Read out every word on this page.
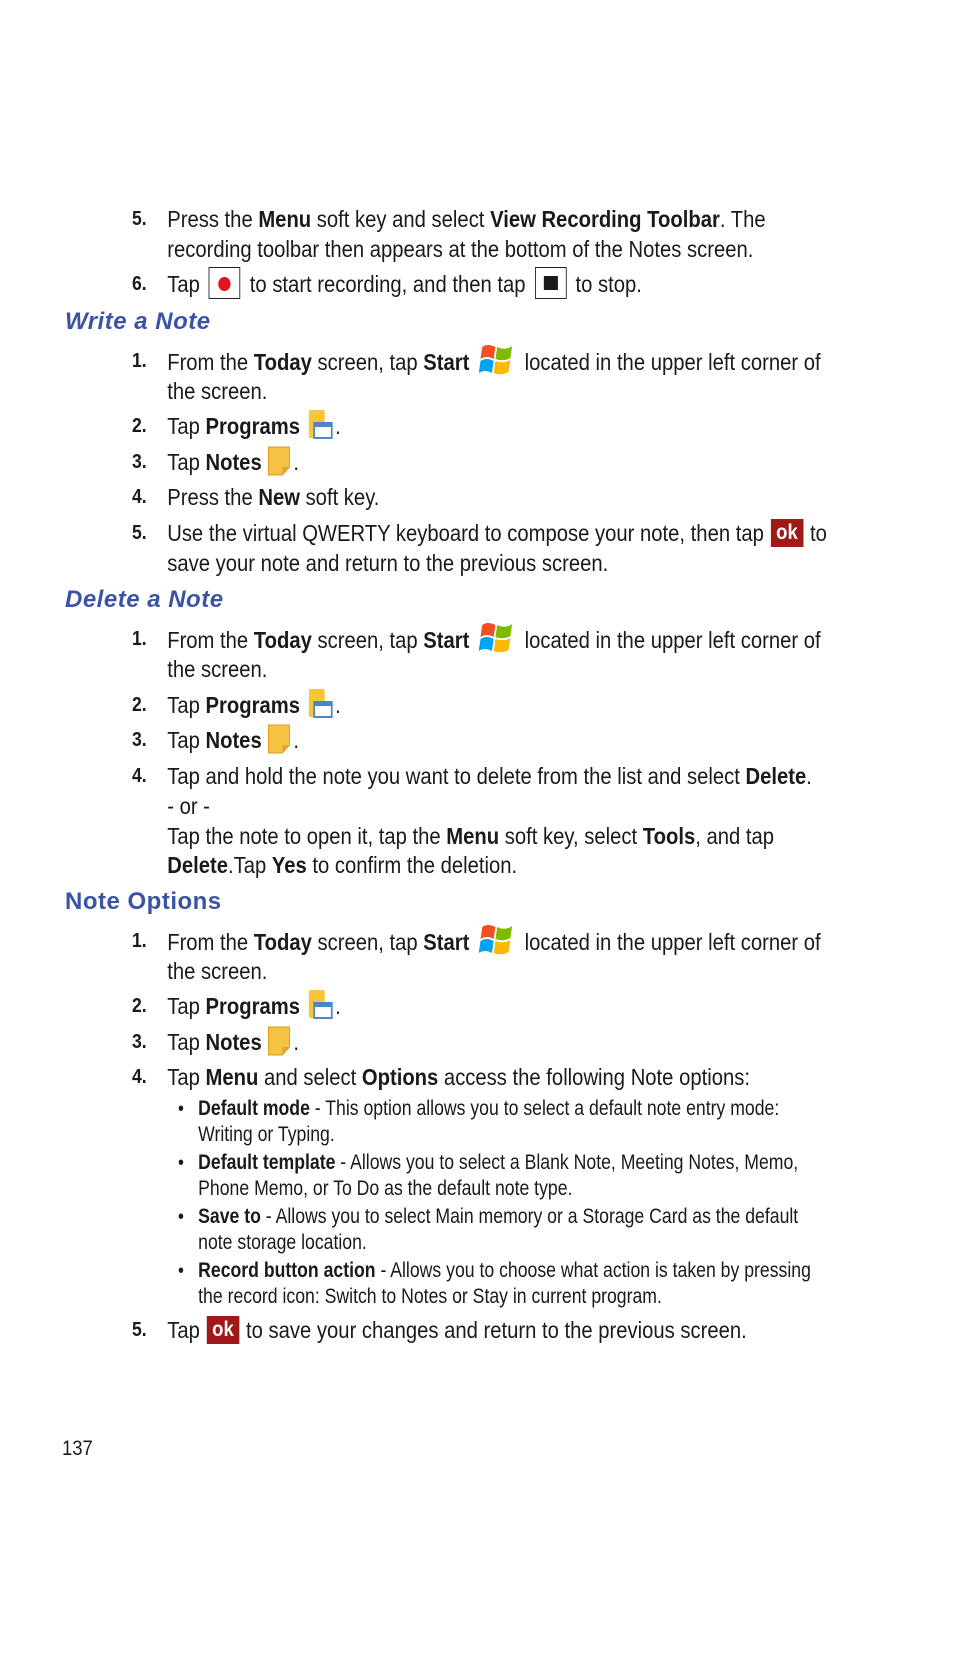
5. Press the Menu soft key and select View Recording Toolbar. The
recording toolbar then appears at the bottom of the Notes screen.
6. Tap to start recording, and then tap to stop.
Write a Note
1. From the Today screen, tap Start located in the upper left corner of
the screen.
2. Tap Programs .
3. Tap Notes .
4. Press the New soft key.
5. Use the virtual QWERTY keyboard to compose your note, then tap ok to
save your note and return to the previous screen.
Delete a Note
1. From the Today screen, tap Start located in the upper left corner of
the screen.
2. Tap Programs .
3. Tap Notes .
4. Tap and hold the note you want to delete from the list and select Delete.
- or -
Tap the note to open it, tap the Menu soft key, select Tools, and tap
Delete.Tap Yes to confirm the deletion.
Note Options
1. From the Today screen, tap Start located in the upper left corner of
the screen.
2. Tap Programs .
3. Tap Notes .
4. Tap Menu and select Options access the following Note options:
• Default mode - This option allows you to select a default note entry mode:
Writing or Typing.
• Default template - Allows you to select a Blank Note, Meeting Notes, Memo,
Phone Memo, or To Do as the default note type.
• Save to - Allows you to select Main memory or a Storage Card as the default
note storage location.
• Record button action - Allows you to choose what action is taken by pressing
the record icon: Switch to Notes or Stay in current program.
5. Tap ok to save your changes and return to the previous screen.
137
